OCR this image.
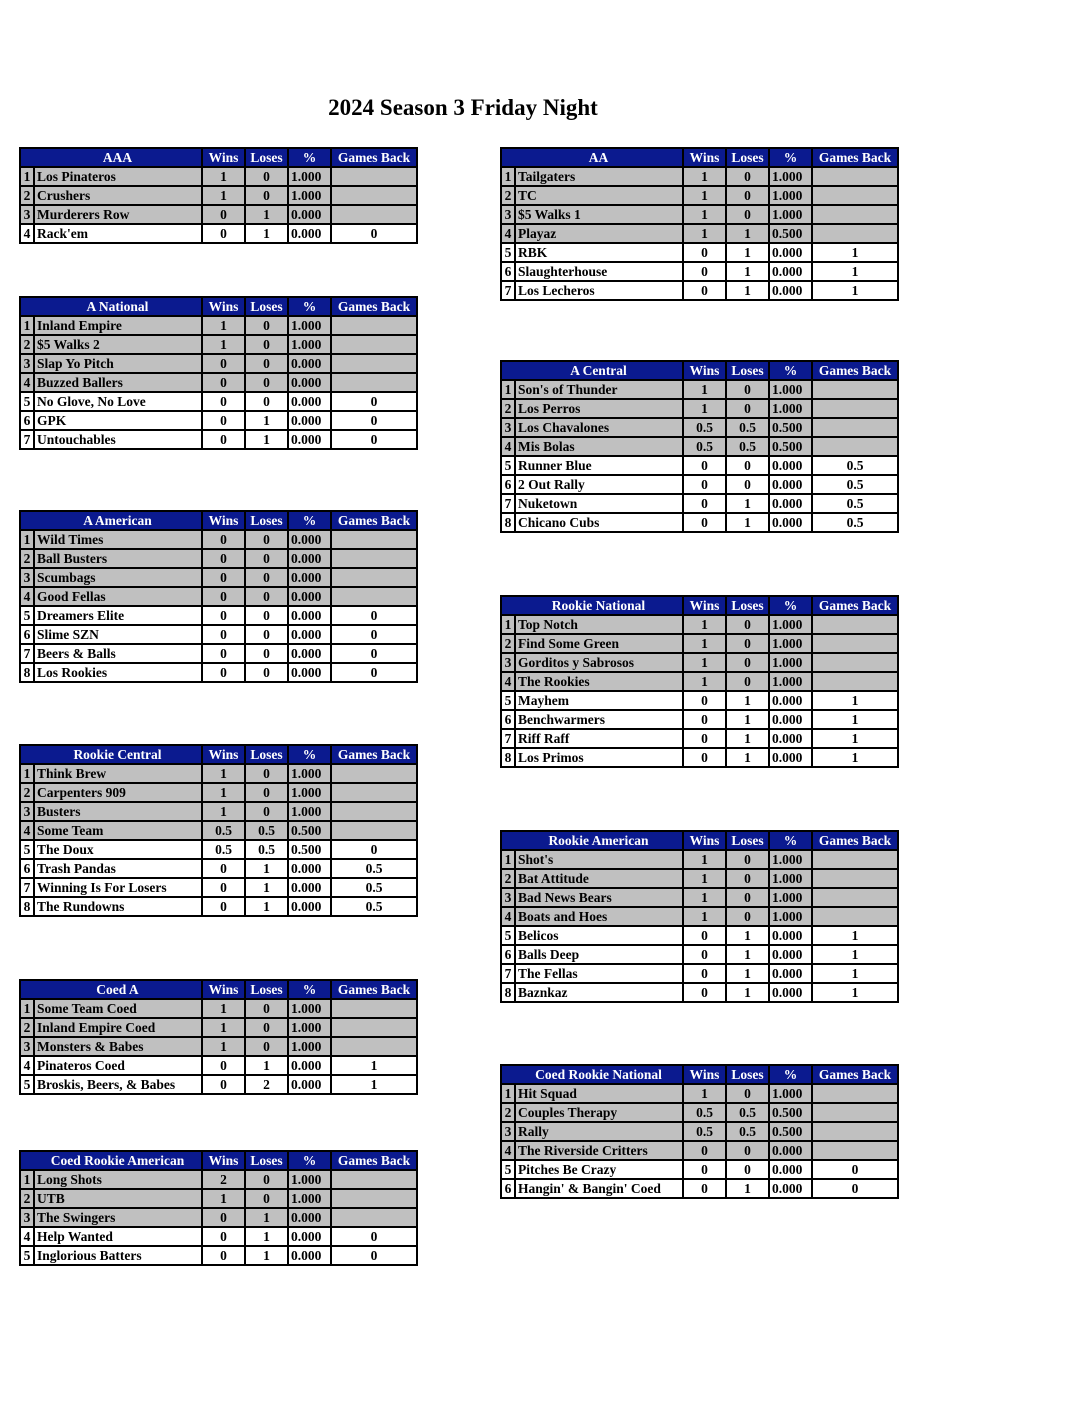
2024 Season 3 Friday Night
	AAA	Wins	Loses	%	Games Back
1	Los Pinateros	1	0	1.000	
2	Crushers	1	0	1.000	
3	Murderers Row	0	1	0.000	
4	Rack'em	0	1	0.000	0
	A National	Wins	Loses	%	Games Back
1	Inland Empire	1	0	1.000	
2	$5 Walks 2	1	0	1.000	
3	Slap Yo Pitch	0	0	0.000	
4	Buzzed Ballers	0	0	0.000	
5	No Glove, No Love	0	0	0.000	0
6	GPK	0	1	0.000	0
7	Untouchables	0	1	0.000	0
	A American	Wins	Loses	%	Games Back
1	Wild Times	0	0	0.000	
2	Ball Busters	0	0	0.000	
3	Scumbags	0	0	0.000	
4	Good Fellas	0	0	0.000	
5	Dreamers Elite	0	0	0.000	0
6	Slime SZN	0	0	0.000	0
7	Beers & Balls	0	0	0.000	0
8	Los Rookies	0	0	0.000	0
	Rookie Central	Wins	Loses	%	Games Back
1	Think Brew	1	0	1.000	
2	Carpenters 909	1	0	1.000	
3	Busters	1	0	1.000	
4	Some Team	0.5	0.5	0.500	
5	The Doux	0.5	0.5	0.500	0
6	Trash Pandas	0	1	0.000	0.5
7	Winning Is For Losers	0	1	0.000	0.5
8	The Rundowns	0	1	0.000	0.5
	Coed A	Wins	Loses	%	Games Back
1	Some Team Coed	1	0	1.000	
2	Inland Empire Coed	1	0	1.000	
3	Monsters & Babes	1	0	1.000	
4	Pinateros Coed	0	1	0.000	1
5	Broskis, Beers, & Babes	0	2	0.000	1
	Coed Rookie American	Wins	Loses	%	Games Back
1	Long Shots	2	0	1.000	
2	UTB	1	0	1.000	
3	The Swingers	0	1	0.000	
4	Help Wanted	0	1	0.000	0
5	Inglorious Batters	0	1	0.000	0
	AA	Wins	Loses	%	Games Back
1	Tailgaters	1	0	1.000	
2	TC	1	0	1.000	
3	$5 Walks 1	1	0	1.000	
4	Playaz	1	1	0.500	
5	RBK	0	1	0.000	1
6	Slaughterhouse	0	1	0.000	1
7	Los Lecheros	0	1	0.000	1
	A Central	Wins	Loses	%	Games Back
1	Son's of Thunder	1	0	1.000	
2	Los Perros	1	0	1.000	
3	Los Chavalones	0.5	0.5	0.500	
4	Mis Bolas	0.5	0.5	0.500	
5	Runner Blue	0	0	0.000	0.5
6	2 Out Rally	0	0	0.000	0.5
7	Nuketown	0	1	0.000	0.5
8	Chicano Cubs	0	1	0.000	0.5
	Rookie National	Wins	Loses	%	Games Back
1	Top Notch	1	0	1.000	
2	Find Some Green	1	0	1.000	
3	Gorditos y Sabrosos	1	0	1.000	
4	The Rookies	1	0	1.000	
5	Mayhem	0	1	0.000	1
6	Benchwarmers	0	1	0.000	1
7	Riff Raff	0	1	0.000	1
8	Los Primos	0	1	0.000	1
	Rookie American	Wins	Loses	%	Games Back
1	Shot's	1	0	1.000	
2	Bat Attitude	1	0	1.000	
3	Bad News Bears	1	0	1.000	
4	Boats and Hoes	1	0	1.000	
5	Belicos	0	1	0.000	1
6	Balls Deep	0	1	0.000	1
7	The Fellas	0	1	0.000	1
8	Baznkaz	0	1	0.000	1
	Coed Rookie National	Wins	Loses	%	Games Back
1	Hit Squad	1	0	1.000	
2	Couples Therapy	0.5	0.5	0.500	
3	Rally	0.5	0.5	0.500	
4	The Riverside Critters	0	0	0.000	
5	Pitches Be Crazy	0	0	0.000	0
6	Hangin' & Bangin' Coed	0	1	0.000	0
